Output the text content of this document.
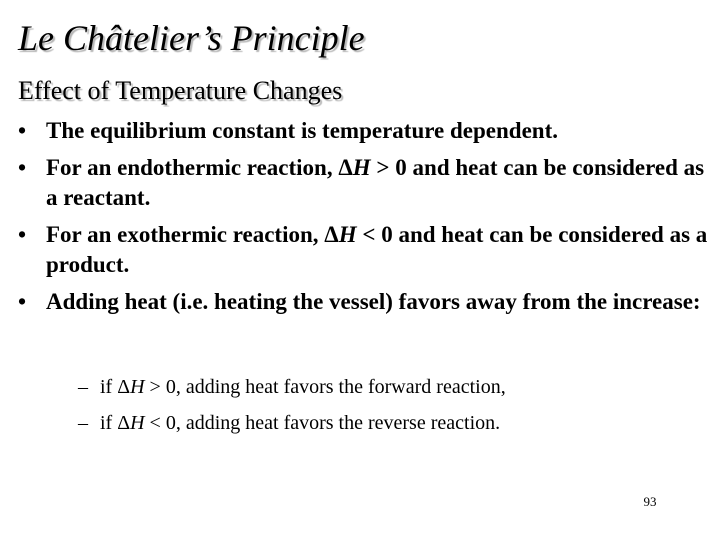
Le Châtelier’s Principle
Effect of Temperature Changes
• The equilibrium constant is temperature dependent.
• For an endothermic reaction, ΔH > 0 and heat can be considered as a reactant.
• For an exothermic reaction, ΔH < 0 and heat can be considered as a product.
• Adding heat (i.e. heating the vessel) favors away from the increase:
– if ΔH > 0, adding heat favors the forward reaction,
– if ΔH < 0, adding heat favors the reverse reaction.
93
